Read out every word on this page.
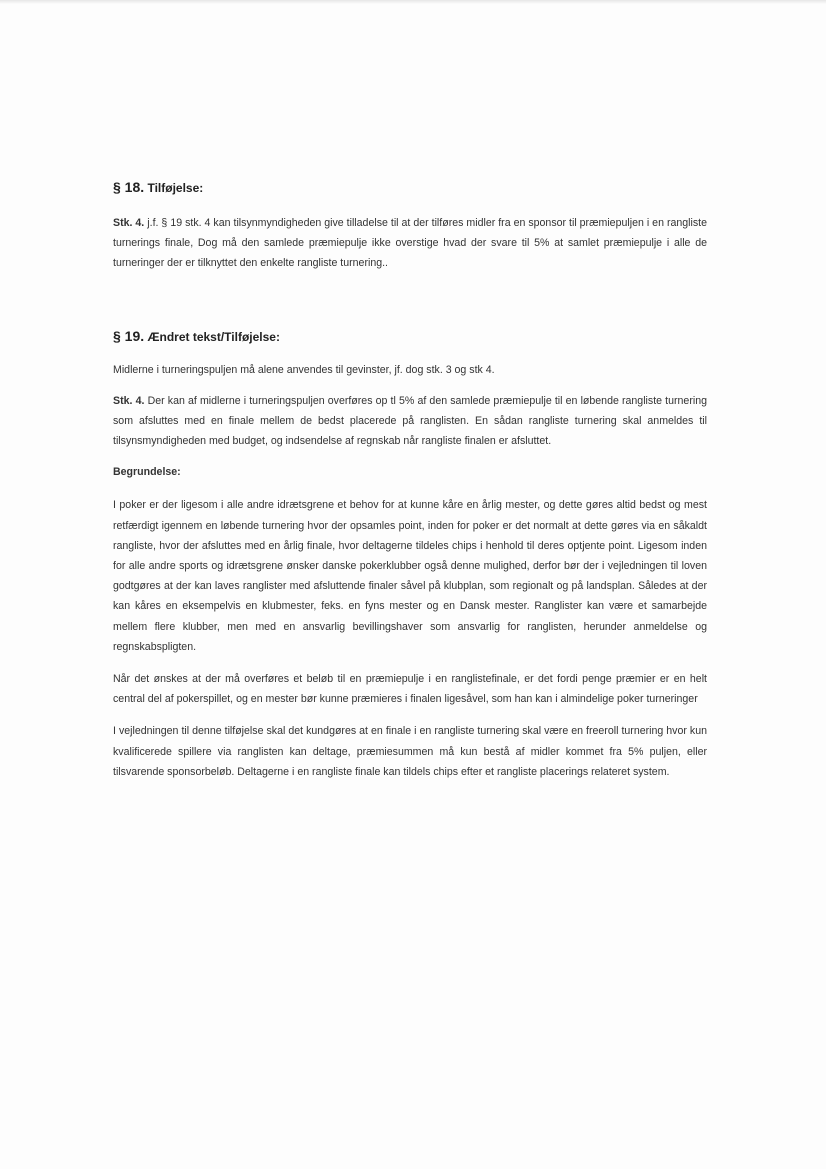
§ 18. Tilføjelse:

Stk. 4. j.f. § 19 stk. 4 kan tilsynmyndigheden give tilladelse til at der tilføres midler fra en sponsor til præmiepuljen i en rangliste turnerings finale, Dog må den samlede præmiepulje ikke overstige hvad der svare til 5% at samlet præmiepulje i alle de turneringer der er tilknyttet den enkelte rangliste turnering..

§ 19. Ændret tekst/Tilføjelse:

Midlerne i turneringspuljen må alene anvendes til gevinster, jf. dog stk. 3 og stk 4.

Stk. 4. Der kan af midlerne i turneringspuljen overføres op tl 5% af den samlede præmiepulje til en løbende rangliste turnering som afsluttes med en finale mellem de bedst placerede på ranglisten. En sådan rangliste turnering skal anmeldes til tilsynsmyndigheden med budget, og indsendelse af regnskab når rangliste finalen er afsluttet.

Begrundelse:

I poker er der ligesom i alle andre idrætsgrene et behov for at kunne kåre en årlig mester, og dette gøres altid bedst og mest retfærdigt igennem en løbende turnering hvor der opsamles point, inden for poker er det normalt at dette gøres via en såkaldt rangliste, hvor der afsluttes med en årlig finale, hvor deltagerne tildeles chips i henhold til deres optjente point. Ligesom inden for alle andre sports og idrætsgrene ønsker danske pokerklubber også denne mulighed, derfor bør der i vejledningen til loven godtgøres at der kan laves ranglister med afsluttende finaler såvel på klubplan, som regionalt og på landsplan. Således at der kan kåres en eksempelvis en klubmester, feks. en fyns mester og en Dansk mester. Ranglister kan være et samarbejde mellem flere klubber, men med en ansvarlig bevillingshaver som ansvarlig for ranglisten, herunder anmeldelse og regnskabspligten.

Når det ønskes at der må overføres et beløb til en præmiepulje i en ranglistefinale, er det fordi penge præmier er en helt central del af pokerspillet, og en mester bør kunne præmieres i finalen ligesåvel, som han kan i almindelige poker turneringer

I vejledningen til denne tilføjelse skal det kundgøres at en finale i en rangliste turnering skal være en freeroll turnering hvor kun kvalificerede spillere via ranglisten kan deltage, præmiesummen må kun bestå af midler kommet fra 5% puljen, eller tilsvarende sponsorbeløb. Deltagerne i en rangliste finale kan tildels chips efter et rangliste placerings relateret system.
